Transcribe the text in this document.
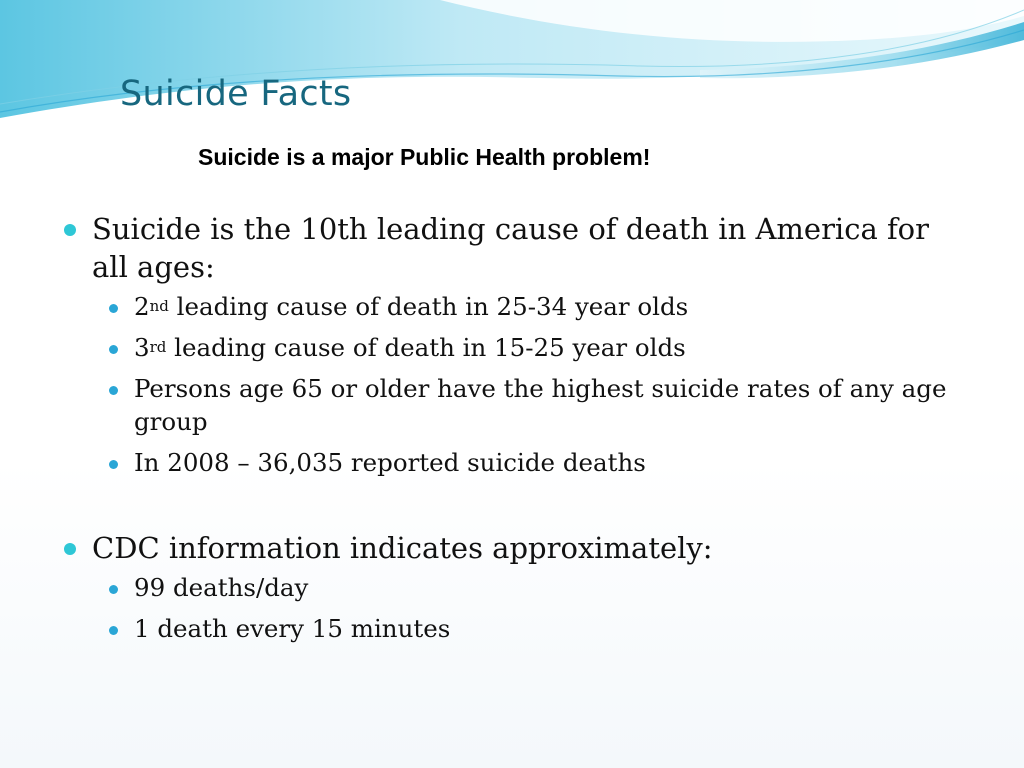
Suicide Facts
Suicide is a major Public Health problem!

Suicide is the 10th leading cause of death in America for all ages:

2nd leading cause of death in 25-34 year olds

3rd leading cause of death in 15-25 year olds

Persons age 65 or older have the highest suicide rates of any age group

In 2008 – 36,035 reported suicide deaths

CDC information indicates approximately:

99 deaths/day

1 death every 15 minutes
